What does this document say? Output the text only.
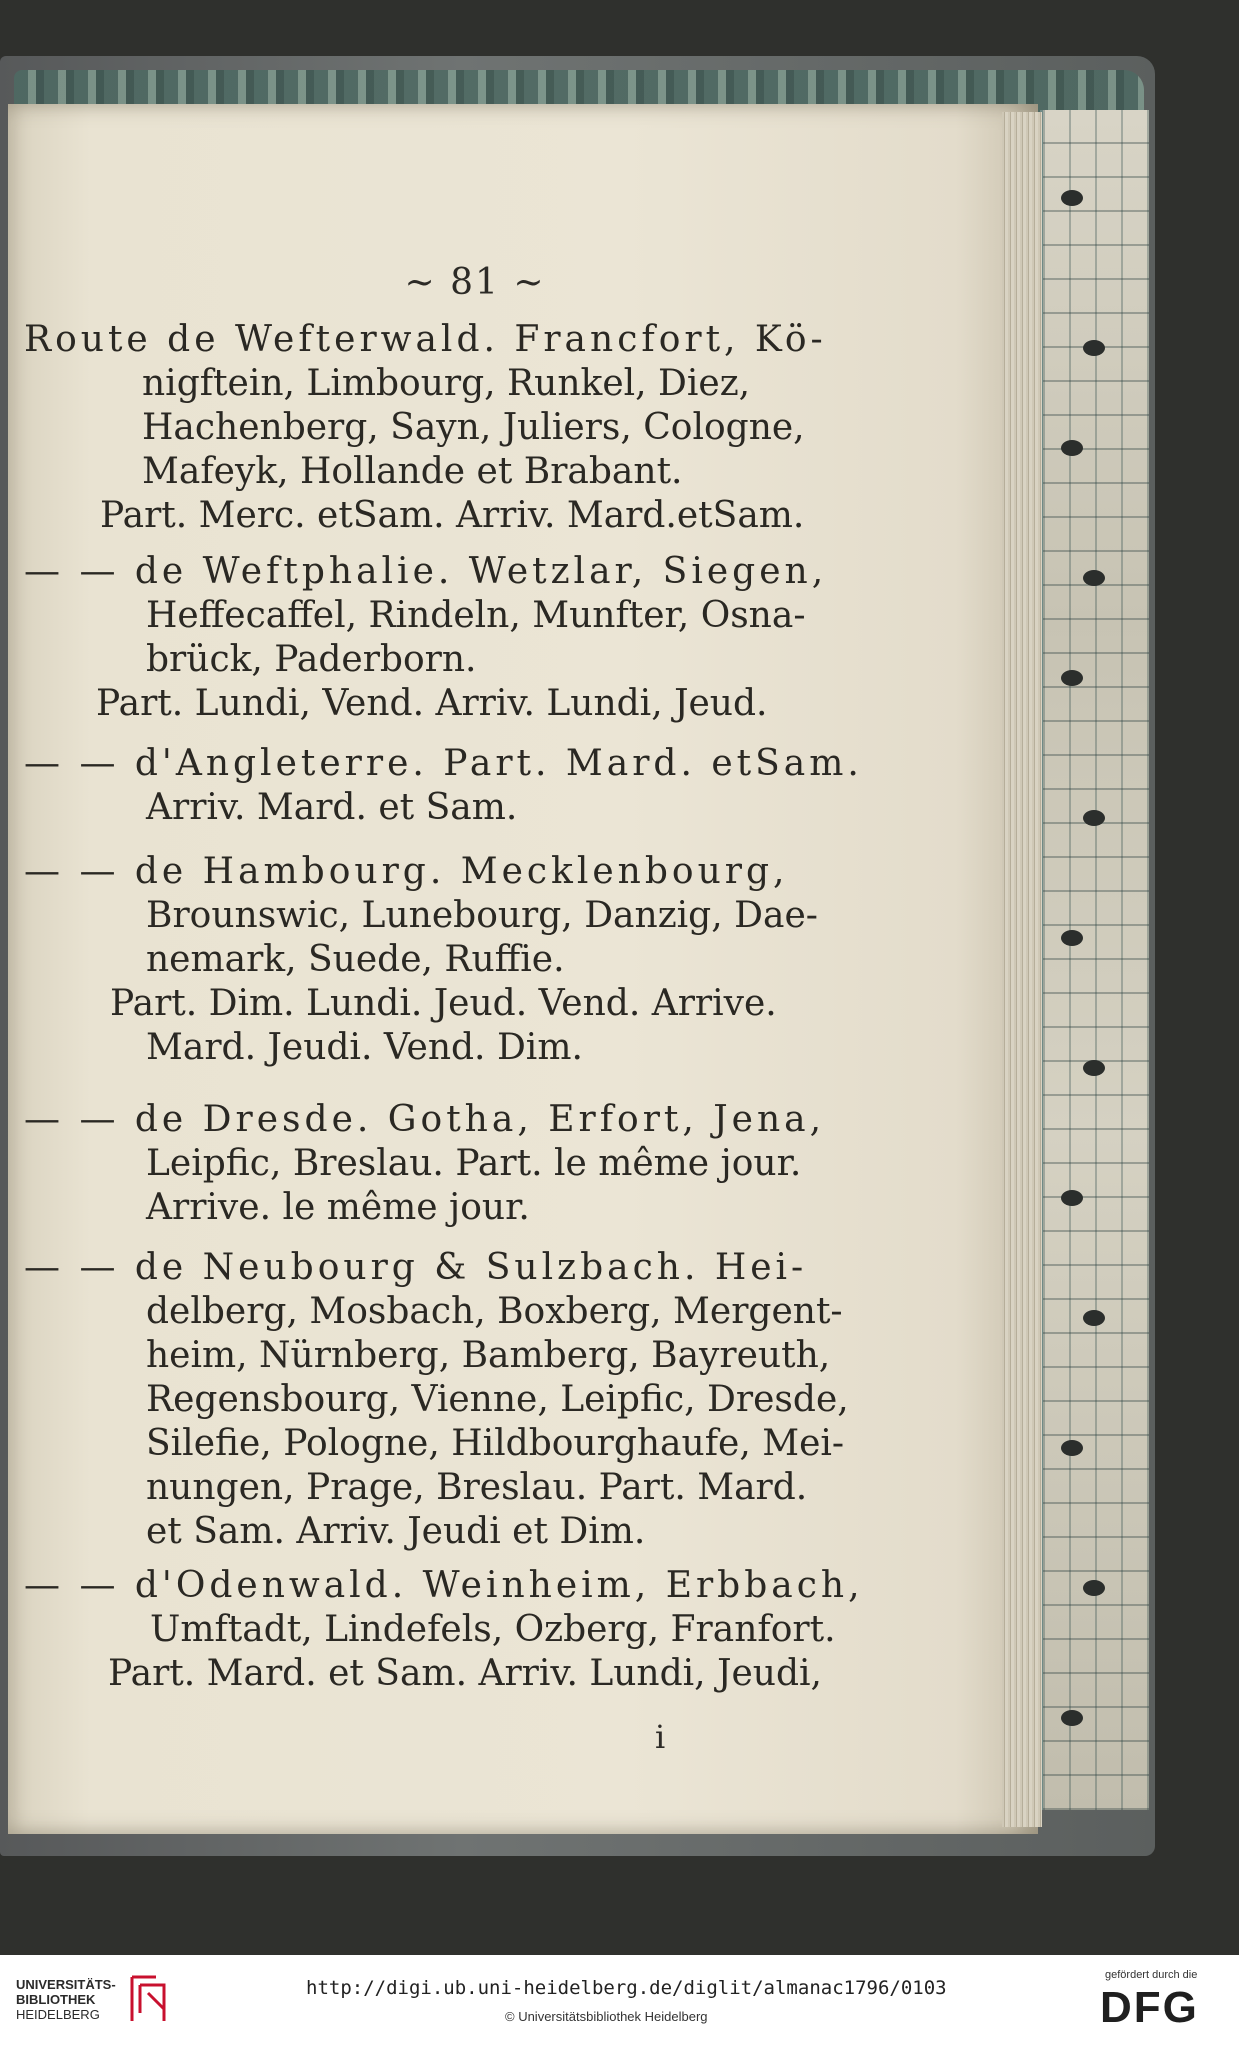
~ 81 ~
Route de Wefterwald. Francfort, Kö-
nigftein, Limbourg, Runkel, Diez,
Hachenberg, Sayn, Juliers, Cologne,
Mafeyk, Hollande et Brabant.
Part. Merc. etSam. Arriv. Mard.etSam.
— — de Weftphalie. Wetzlar, Siegen,
Heffecaffel, Rindeln, Munfter, Osna-
brück, Paderborn.
Part. Lundi, Vend. Arriv. Lundi, Jeud.
— — d'Angleterre. Part. Mard. etSam.
Arriv. Mard. et Sam.
— — de Hambourg. Mecklenbourg,
Brounswic, Lunebourg, Danzig, Dae-
nemark, Suede, Ruffie.
Part. Dim. Lundi. Jeud. Vend. Arrive.
Mard. Jeudi. Vend. Dim.
— — de Dresde. Gotha, Erfort, Jena,
Leipfic, Breslau. Part. le même jour.
Arrive. le même jour.
— — de Neubourg & Sulzbach. Hei-
delberg, Mosbach, Boxberg, Mergent-
heim, Nürnberg, Bamberg, Bayreuth,
Regensbourg, Vienne, Leipfic, Dresde,
Silefie, Pologne, Hildbourghaufe, Mei-
nungen, Prage, Breslau. Part. Mard.
et Sam. Arriv. Jeudi et Dim.
— — d'Odenwald. Weinheim, Erbbach,
Umftadt, Lindefels, Ozberg, Franfort.
Part. Mard. et Sam. Arriv. Lundi, Jeudi,
i
UNIVERSITÄTS-
BIBLIOTHEK
HEIDELBERG
http://digi.ub.uni-heidelberg.de/diglit/almanac1796/0103
© Universitätsbibliothek Heidelberg
gefördert durch die
DFG
